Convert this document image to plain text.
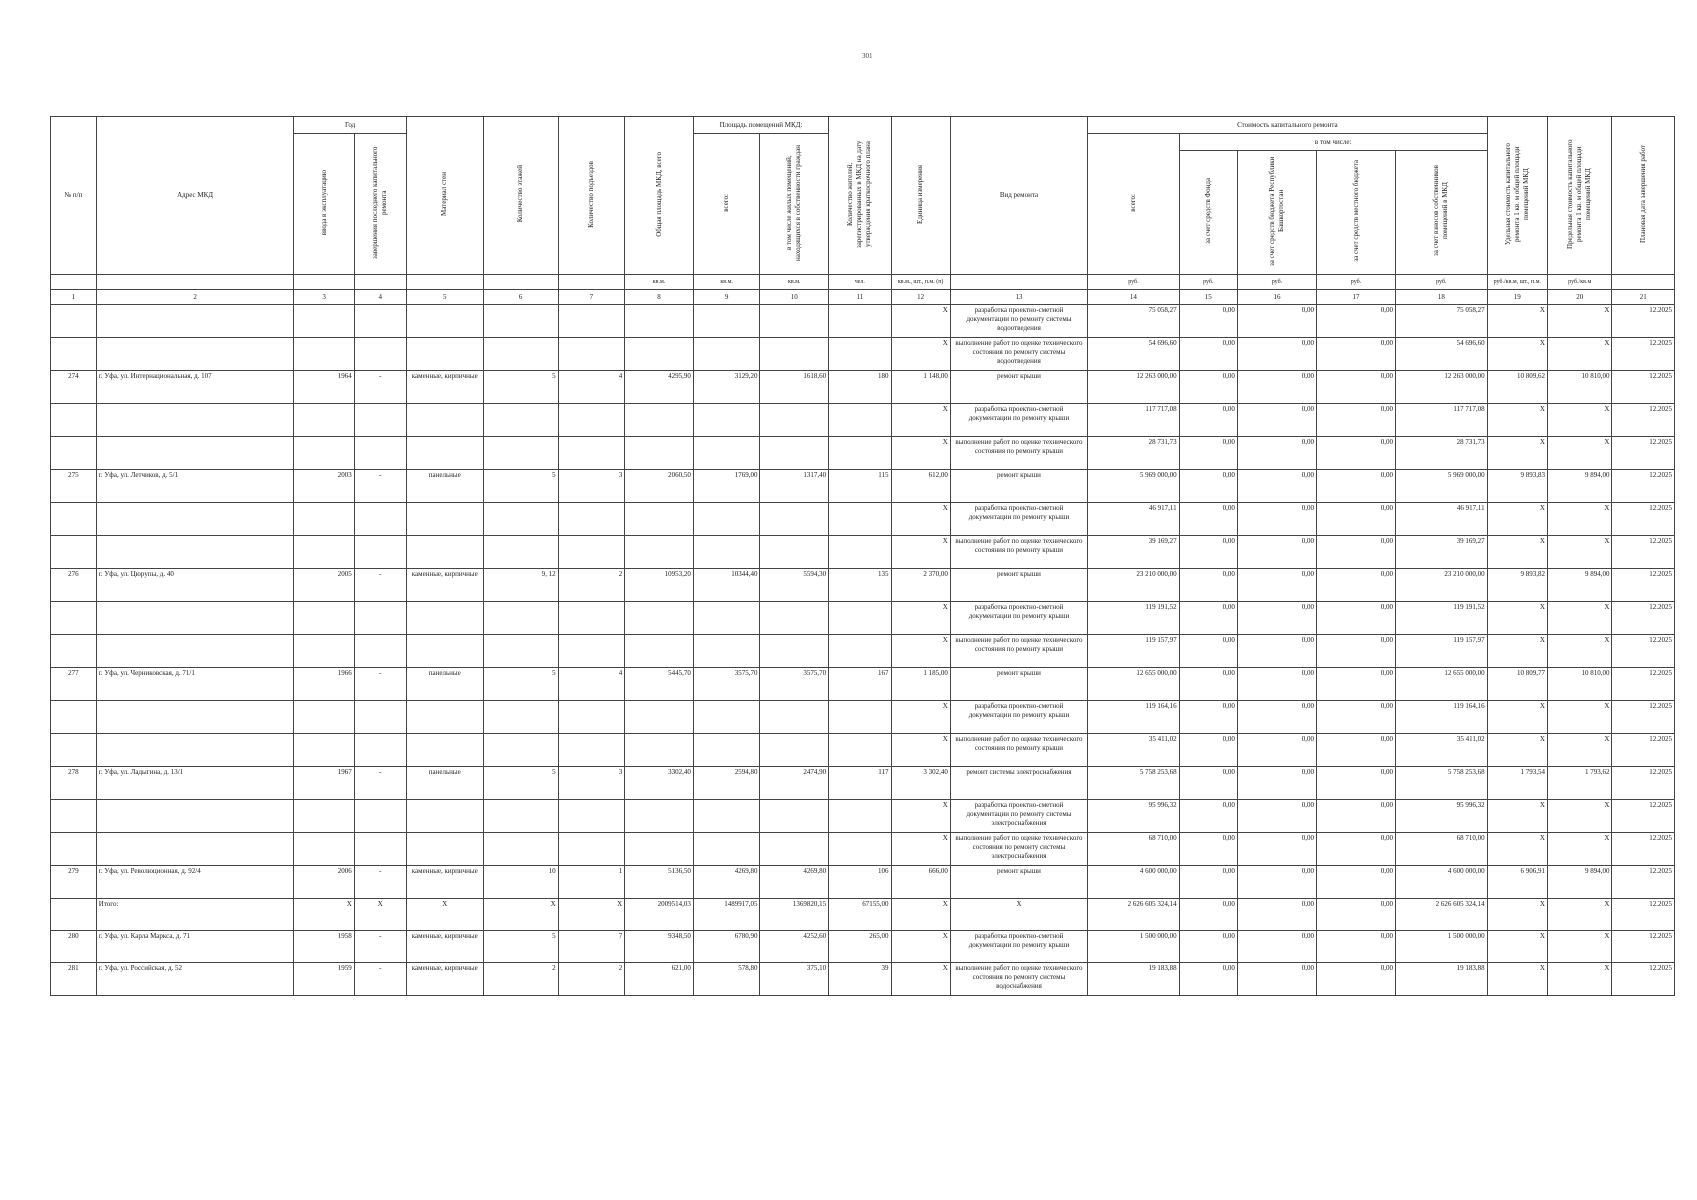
301
№ п/п	Адрес МКД	Год		Материал стен	Количество этажей	Количество подъездов	Общая площадь МКД, всего	Площадь помещений МКД:		Количество жителей, зарегистрированных в МКД на дату утверждения краткосрочного плана	Единица измерения	Вид ремонта	Стоимость капитального ремонта					Удельная стоимость капитального ремонта 1 кв. м общей площади помещений МКД	Предельная стоимость капитального ремонта 1 кв. м общей площади помещений МКД	Плановая дата завершения работ
		ввода в эксплуатацию	завершения последнего капитального ремонта					всего:	в том числе жилых помещений, находящихся в собственности граждан				всего:	в том числе:						
														за счет средств Фонда	за счет средств бюджета Республики Башкортостан	за счет средств местного бюджета	за счет взносов собственников помещений в МКД			
							кв.м.	кв.м.	кв.м.	чел.	кв.м., шт., п.м. (п)		руб.	руб.	руб.	руб.	руб.	руб./кв.м, шт., п.м.	руб./кв.м	
1	2	3	4	5	6	7	8	9	10	11	12	13	14	15	16	17	18	19	20	21
											X	разработка проектно-сметной документации по ремонту системы водоотведения	75 058,27	0,00	0,00	0,00	75 058,27	X	X	12.2025
											X	выполнение работ по оценке технического состояния по ремонту системы водоотведения	54 696,60	0,00	0,00	0,00	54 696,60	X	X	12.2025
274	г. Уфа, ул. Интернациональная, д. 107	1964	-	каменные, кирпичные	5	4	4295,90	3129,20	1618,60	180	1 148,00	ремонт крыши	12 263 000,00	0,00	0,00	0,00	12 263 000,00	10 809,62	10 810,00	12.2025
											X	разработка проектно-сметной документации по ремонту крыши	117 717,08	0,00	0,00	0,00	117 717,08	X	X	12.2025
											X	выполнение работ по оценке технического состояния по ремонту крыши	28 731,73	0,00	0,00	0,00	28 731,73	X	X	12.2025
275	г. Уфа, ул. Летчиков, д. 5/1	2003	-	панельные	5	3	2060,50	1769,00	1317,40	115	612,00	ремонт крыши	5 969 000,00	0,00	0,00	0,00	5 969 000,00	9 893,83	9 894,00	12.2025
											X	разработка проектно-сметной документации по ремонту крыши	46 917,11	0,00	0,00	0,00	46 917,11	X	X	12.2025
											X	выполнение работ по оценке технического состояния по ремонту крыши	39 169,27	0,00	0,00	0,00	39 169,27	X	X	12.2025
276	г. Уфа, ул. Цюрупы, д. 40	2005	-	каменные, кирпичные	9, 12	2	10953,20	10344,40	5594,30	135	2 370,00	ремонт крыши	23 210 000,00	0,00	0,00	0,00	23 210 000,00	9 893,82	9 894,00	12.2025
											X	разработка проектно-сметной документации по ремонту крыши	119 191,52	0,00	0,00	0,00	119 191,52	X	X	12.2025
											X	выполнение работ по оценке технического состояния по ремонту крыши	119 157,97	0,00	0,00	0,00	119 157,97	X	X	12.2025
277	г. Уфа, ул. Черниковская, д. 71/1	1966	-	панельные	5	4	5445,70	3575,70	3575,70	167	1 185,00	ремонт крыши	12 655 000,00	0,00	0,00	0,00	12 655 000,00	10 809,77	10 810,00	12.2025
											X	разработка проектно-сметной документации по ремонту крыши	119 164,16	0,00	0,00	0,00	119 164,16	X	X	12.2025
											X	выполнение работ по оценке технического состояния по ремонту крыши	35 411,02	0,00	0,00	0,00	35 411,02	X	X	12.2025
278	г. Уфа, ул. Ладыгина, д. 13/1	1967	-	панельные	5	3	3302,40	2594,80	2474,90	117	3 302,40	ремонт системы электроснабжения	5 758 253,68	0,00	0,00	0,00	5 758 253,68	1 793,54	1 793,62	12.2025
											X	разработка проектно-сметной документации по ремонту системы электроснабжения	95 996,32	0,00	0,00	0,00	95 996,32	X	X	12.2025
											X	выполнение работ по оценке технического состояния по ремонту системы электроснабжения	68 710,00	0,00	0,00	0,00	68 710,00	X	X	12.2025
279	г. Уфа, ул. Революционная, д. 92/4	2006	-	каменные, кирпичные	10	1	5136,50	4269,80	4269,80	106	666,00	ремонт крыши	4 600 000,00	0,00	0,00	0,00	4 600 000,00	6 906,91	9 894,00	12.2025
	Итого:	X	X	X	X	X	2009514,03	1489917,05	1369820,15	67155,00	X	X	2 626 605 324,14	0,00	0,00	0,00	2 626 605 324,14	X	X	12.2025
280	г. Уфа, ул. Карла Маркса, д. 71	1958	-	каменные, кирпичные	5	7	9348,50	6780,90	4252,60	265,00	X	разработка проектно-сметной документации по ремонту крыши	1 500 000,00	0,00	0,00	0,00	1 500 000,00	X	X	12.2025
281	г. Уфа, ул. Российская, д. 52	1959	-	каменные, кирпичные	2	2	621,00	578,80	375,10	39	X	выполнение работ по оценке технического состояния по ремонту системы водоснабжения	19 183,88	0,00	0,00	0,00	19 183,88	X	X	12.2025
